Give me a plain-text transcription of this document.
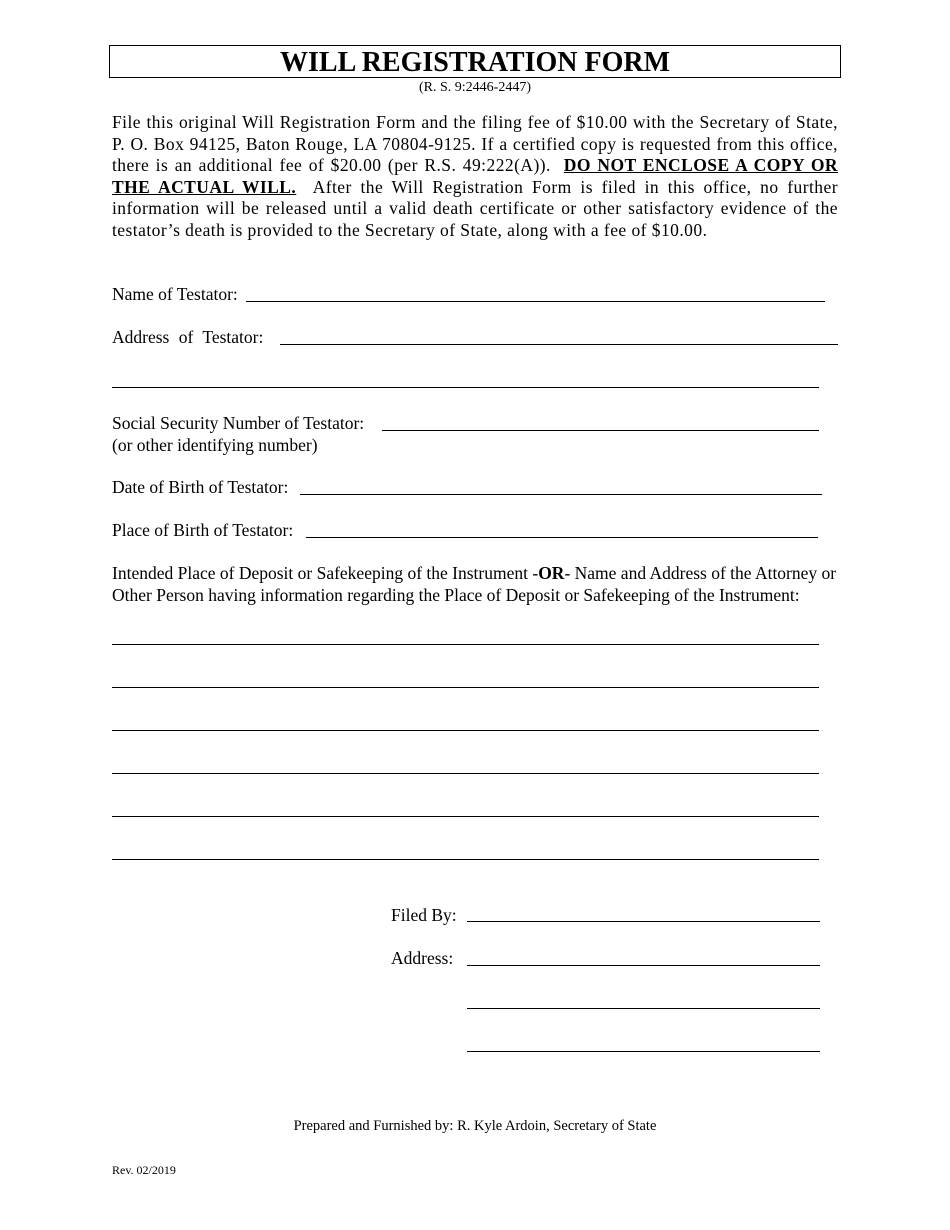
WILL REGISTRATION FORM
(R. S. 9:2446-2447)
File this original Will Registration Form and the filing fee of $10.00 with the Secretary of State, P. O. Box 94125, Baton Rouge, LA 70804-9125. If a certified copy is requested from this office, there is an additional fee of $20.00 (per R.S. 49:222(A)). DO NOT ENCLOSE A COPY OR THE ACTUAL WILL. After the Will Registration Form is filed in this office, no further information will be released until a valid death certificate or other satisfactory evidence of the testator’s death is provided to the Secretary of State, along with a fee of $10.00.
Name of Testator:
Address of Testator:
Social Security Number of Testator:
(or other identifying number)
Date of Birth of Testator:
Place of Birth of Testator:
Intended Place of Deposit or Safekeeping of the Instrument -OR- Name and Address of the Attorney or Other Person having information regarding the Place of Deposit or Safekeeping of the Instrument:
Filed By:
Address:
Prepared and Furnished by: R. Kyle Ardoin, Secretary of State
Rev. 02/2019
